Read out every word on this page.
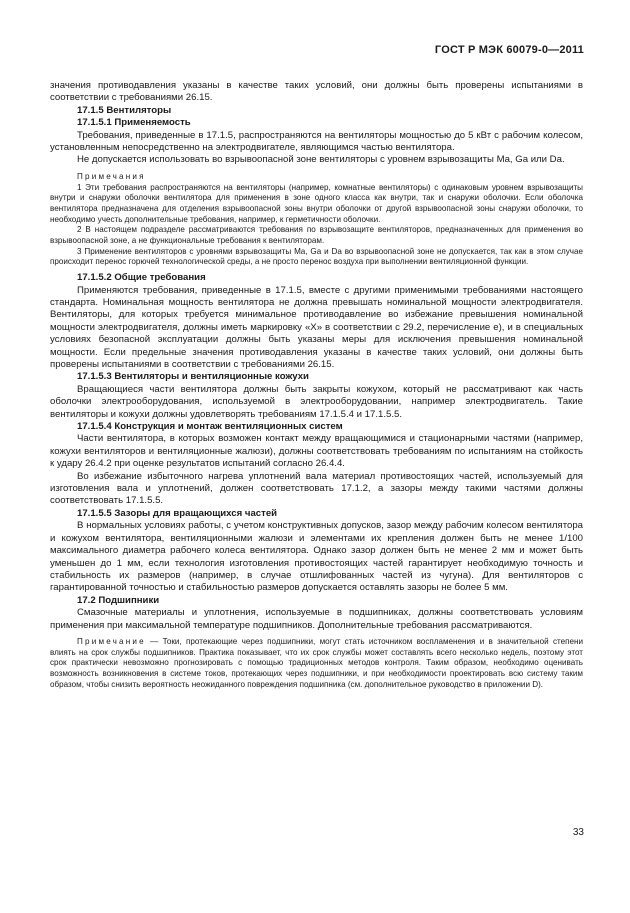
ГОСТ Р МЭК 60079-0—2011

значения противодавления указаны в качестве таких условий, они должны быть проверены испытаниями в соответствии с требованиями 26.15.

17.1.5 Вентиляторы

17.1.5.1 Применяемость

Требования, приведенные в 17.1.5, распространяются на вентиляторы мощностью до 5 кВт с рабочим колесом, установленным непосредственно на электродвигателе, являющимся частью вентилятора.

Не допускается использовать во взрывоопасной зоне вентиляторы с уровнем взрывозащиты Ma, Ga или Da.

Примечания

1 Эти требования распространяются на вентиляторы (например, комнатные вентиляторы) с одинаковым уровнем взрывозащиты внутри и снаружи оболочки вентилятора для применения в зоне одного класса как внутри, так и снаружи оболочки. Если оболочка вентилятора предназначена для отделения взрывоопасной зоны внутри оболочки от другой взрывоопасной зоны снаружи оболочки, то необходимо учесть дополнительные требования, например, к герметичности оболочки.

2 В настоящем подразделе рассматриваются требования по взрывозащите вентиляторов, предназначенных для применения во взрывоопасной зоне, а не функциональные требования к вентиляторам.

3 Применение вентиляторов с уровнями взрывозащиты Ma, Ga и Da во взрывоопасной зоне не допускается, так как в этом случае происходит перенос горючей технологической среды, а не просто перенос воздуха при выполнении вентиляционной функции.

17.1.5.2 Общие требования

Применяются требования, приведенные в 17.1.5, вместе с другими применимыми требованиями настоящего стандарта. Номинальная мощность вентилятора не должна превышать номинальной мощности электродвигателя. Вентиляторы, для которых требуется минимальное противодавление во избежание превышения номинальной мощности электродвигателя, должны иметь маркировку «X» в соответствии с 29.2, перечисление e), и в специальных условиях безопасной эксплуатации должны быть указаны меры для исключения превышения номинальной мощности. Если предельные значения противодавления указаны в качестве таких условий, они должны быть проверены испытаниями в соответствии с требованиями 26.15.

17.1.5.3 Вентиляторы и вентиляционные кожухи

Вращающиеся части вентилятора должны быть закрыты кожухом, который не рассматривают как часть оболочки электрооборудования, используемой в электрооборудовании, например электродвигатель. Такие вентиляторы и кожухи должны удовлетворять требованиям 17.1.5.4 и 17.1.5.5.

17.1.5.4 Конструкция и монтаж вентиляционных систем

Части вентилятора, в которых возможен контакт между вращающимися и стационарными частями (например, кожухи вентиляторов и вентиляционные жалюзи), должны соответствовать требованиям по испытаниям на стойкость к удару 26.4.2 при оценке результатов испытаний согласно 26.4.4.

Во избежание избыточного нагрева уплотнений вала материал противостоящих частей, используемый для изготовления вала и уплотнений, должен соответствовать 17.1.2, а зазоры между такими частями должны соответствовать 17.1.5.5.

17.1.5.5 Зазоры для вращающихся частей

В нормальных условиях работы, с учетом конструктивных допусков, зазор между рабочим колесом вентилятора и кожухом вентилятора, вентиляционными жалюзи и элементами их крепления должен быть не менее 1/100 максимального диаметра рабочего колеса вентилятора. Однако зазор должен быть не менее 2 мм и может быть уменьшен до 1 мм, если технология изготовления противостоящих частей гарантирует необходимую точность и стабильность их размеров (например, в случае отшлифованных частей из чугуна). Для вентиляторов с гарантированной точностью и стабильностью размеров допускается оставлять зазоры не более 5 мм.

17.2 Подшипники

Смазочные материалы и уплотнения, используемые в подшипниках, должны соответствовать условиям применения при максимальной температуре подшипников. Дополнительные требования рассматриваются.

Примечание — Токи, протекающие через подшипники, могут стать источником воспламенения и в значительной степени влиять на срок службы подшипников. Практика показывает, что их срок службы может составлять всего несколько недель, поэтому этот срок практически невозможно прогнозировать с помощью традиционных методов контроля. Таким образом, необходимо оценивать возможность возникновения в системе токов, протекающих через подшипники, и при необходимости проектировать всю систему таким образом, чтобы снизить вероятность неожиданного повреждения подшипника (см. дополнительное руководство в приложении D).

33
